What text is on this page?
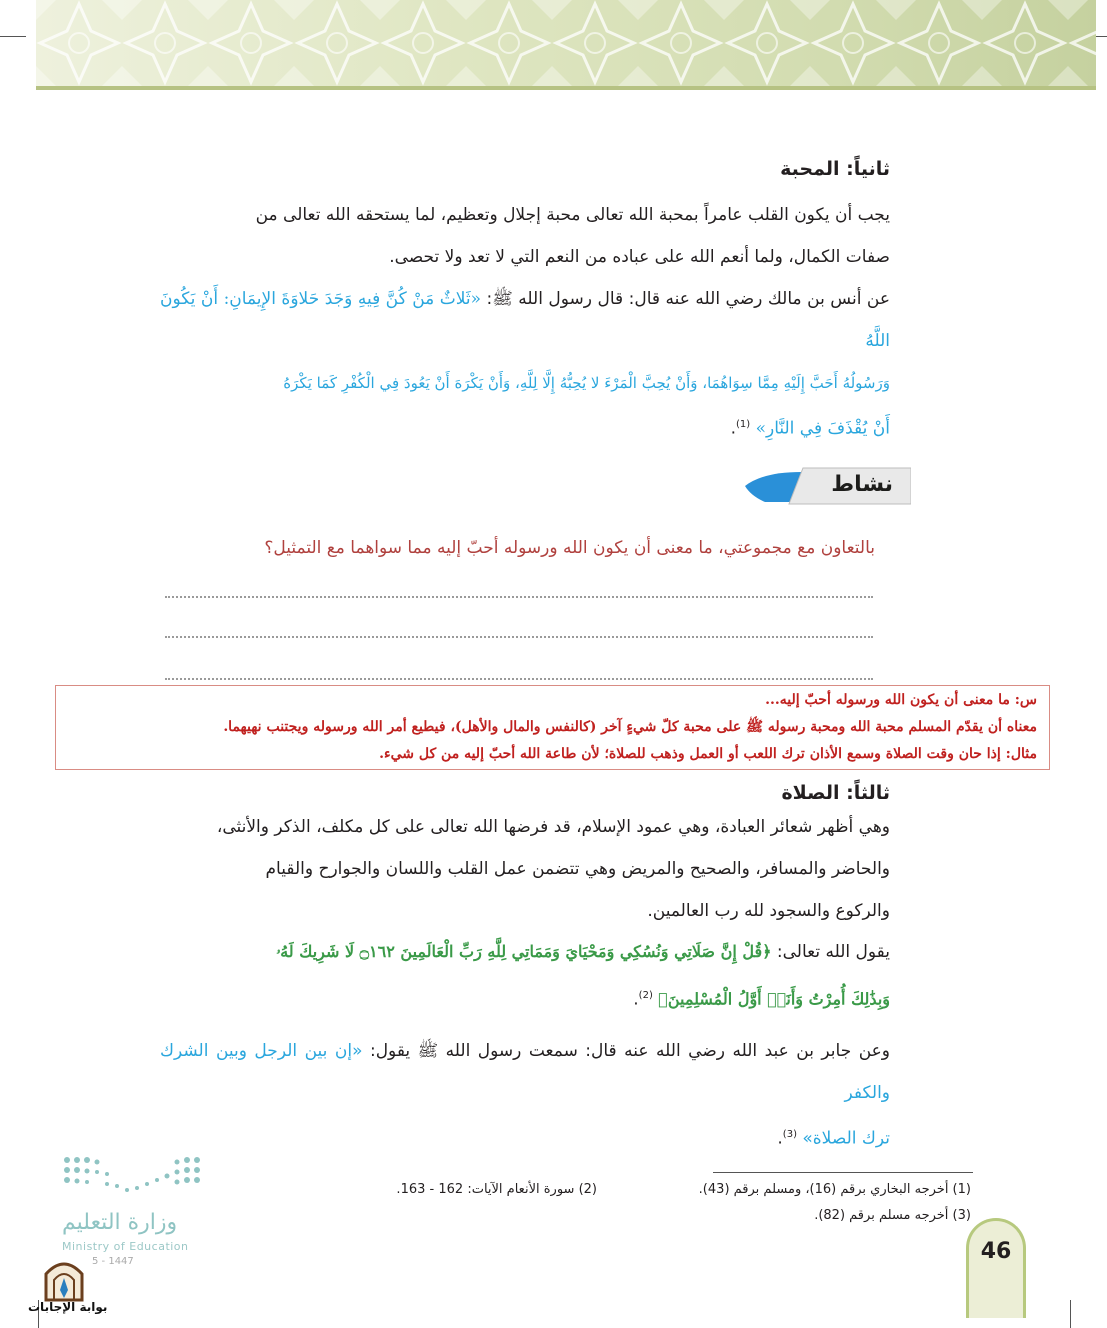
ثانياً: المحبة

يجب أن يكون القلب عامراً بمحبة الله تعالى محبة إجلال وتعظيم، لما يستحقه الله تعالى من

صفات الكمال، ولما أنعم الله على عباده من النعم التي لا تعد ولا تحصى.

عن أنس بن مالك رضي الله عنه قال: قال رسول الله ﷺ: «ثَلاثٌ مَنْ كُنَّ فِيهِ وَجَدَ حَلاوَةَ الإِيمَانِ: أَنْ يَكُونَ اللَّهُ

وَرَسُولُهُ أَحَبَّ إِلَيْهِ مِمَّا سِوَاهُمَا، وَأَنْ يُحِبَّ الْمَرْءَ لا يُحِبُّهُ إِلَّا لِلَّهِ، وَأَنْ يَكْرَهَ أَنْ يَعُودَ فِي الْكُفْرِ كَمَا يَكْرَهُ

أَنْ يُقْذَفَ فِي النَّارِ» $^{(1)}$.

نشاط
بالتعاون مع مجموعتي، ما معنى أن يكون الله ورسوله أحبّ إليه مما سواهما مع التمثيل؟

س: ما معنى أن يكون الله ورسوله أحبّ إليه...

معناه أن يقدّم المسلم محبة الله ومحبة رسوله ﷺ على محبة كلّ شيءٍ آخر (كالنفس والمال والأهل)، فيطيع أمر الله ورسوله ويجتنب نهيهما.

مثال: إذا حان وقت الصلاة وسمع الأذان ترك اللعب أو العمل وذهب للصلاة؛ لأن طاعة الله أحبّ إليه من كل شيء.

ثالثاً: الصلاة

وهي أظهر شعائر العبادة، وهي عمود الإسلام، قد فرضها الله تعالى على كل مكلف، الذكر والأنثى،

والحاضر والمسافر، والصحيح والمريض وهي تتضمن عمل القلب واللسان والجوارح والقيام

والركوع والسجود لله رب العالمين.

يقول الله تعالى: ﴿قُلْ إِنَّ صَلَاتِي وَنُسُكِي وَمَحْيَايَ وَمَمَاتِي لِلَّهِ رَبِّ الْعَالَمِينَ ۝١٦٢ لَا شَرِيكَ لَهُۥ

وَبِذَٰلِكَ أُمِرْتُ وَأَنَا۠ أَوَّلُ الْمُسْلِمِينَ﴾ $^{(2)}$.

وعن جابر بن عبد الله رضي الله عنه قال: سمعت رسول الله ﷺ يقول: «إن بين الرجل وبين الشرك والكفر

ترك الصلاة» $^{(3)}$.

(1) أخرجه البخاري برقم (16)، ومسلم برقم (43).
(2) سورة الأنعام الآيات: 162 - 163.
(3) أخرجه مسلم برقم (82).
46
وزارة التعليم
Ministry of Education
5 - 1447
بوابة الإجابات
